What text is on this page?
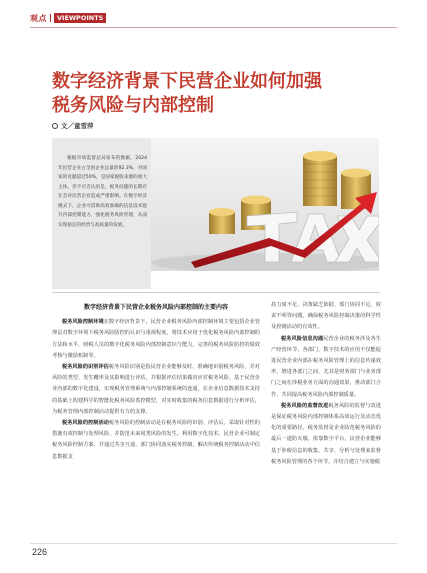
观点	VIEWPOINTS
数字经济背景下民营企业如何加强
税务风险与内部控制
文／童雪萍

根据市场监督总局发布的数据，2024年民营企业占全国企业总量的92.3%，对国家的贡献超过50%，是国家税收来源的重大主体。但不可否认的是，税务问题的长期存在会对民营企业造成严重影响。在数字经济模式下，企业可借助高效准确的信息技术提升内部控制能力，强化税务风险管理，从而实现稳定的经营与高质量的发展。

数字经济背景下民营企业税务风险内部控制的主要内容

税务风险控制环境在数字经济背景下，民营企业税务风险内部控制环境主要包括企业管理层对数字环境下税务风险防控的认识与重视程度，将技术应用于优化税务风险内部控制的方法和水平，财税人员的数字化税务风险内部控制意识与能力，完善的税务风险防控的绩效考核与激励机制等。

税务风险的识别评估税务风险识别是指民营企业能够及时、准确地识别税务风险，并对风险的类型、发生概率及其影响进行评估，并根据评估结果做出应对税务风险。基于民营企业内部的数字化建设，实现税务管理系统与内部控制系统的连通，在企业信息数据技术支持的基础上构建科学的智能化税务风险监控模型，对实时收集的税务信息数据进行分析评估，为税务管理内部控制活动提供有力的支撑。

税务风险的控制活动税务风险的控制活动是在税务风险的识别、评估后，采取针对性的措施有效控制与处理风险，并防范未来同类风险的发生。利用数字化技术，民营企业可制定税务风险控制方案，并通过共享互通、部门协同落实税务控制，解决传统税务控制活动中信息数据支

持力度不足、决策缺乏依据、部门协同不足、权责不明等问题，确保税务风险控制决策的科学性及控制活动的有效性。

税务风险信息沟通民营企业的税务涉及各生产经营环节、各部门，数字技术的应用不仅能促进民营企业内部在税务风险管理上的信息传递效率，增进各部门之间、尤其是财务部门与业务部门之间在涉税业务方面的沟通效果，推动部门合作，共同提高税务风险内部控制质量。

税务风险的监督改进税务风险的监督与改进是保证税务风险内部控制体系高效运行及动态优化的重要路径，税务监督是企业防范税务风险的最后一道防火墙。依靠数字平台，民营企业能够基于涉税信息的收集、共享、分析与处理来监督税务风险管理的各个环节，并结合建立与实施税

226
